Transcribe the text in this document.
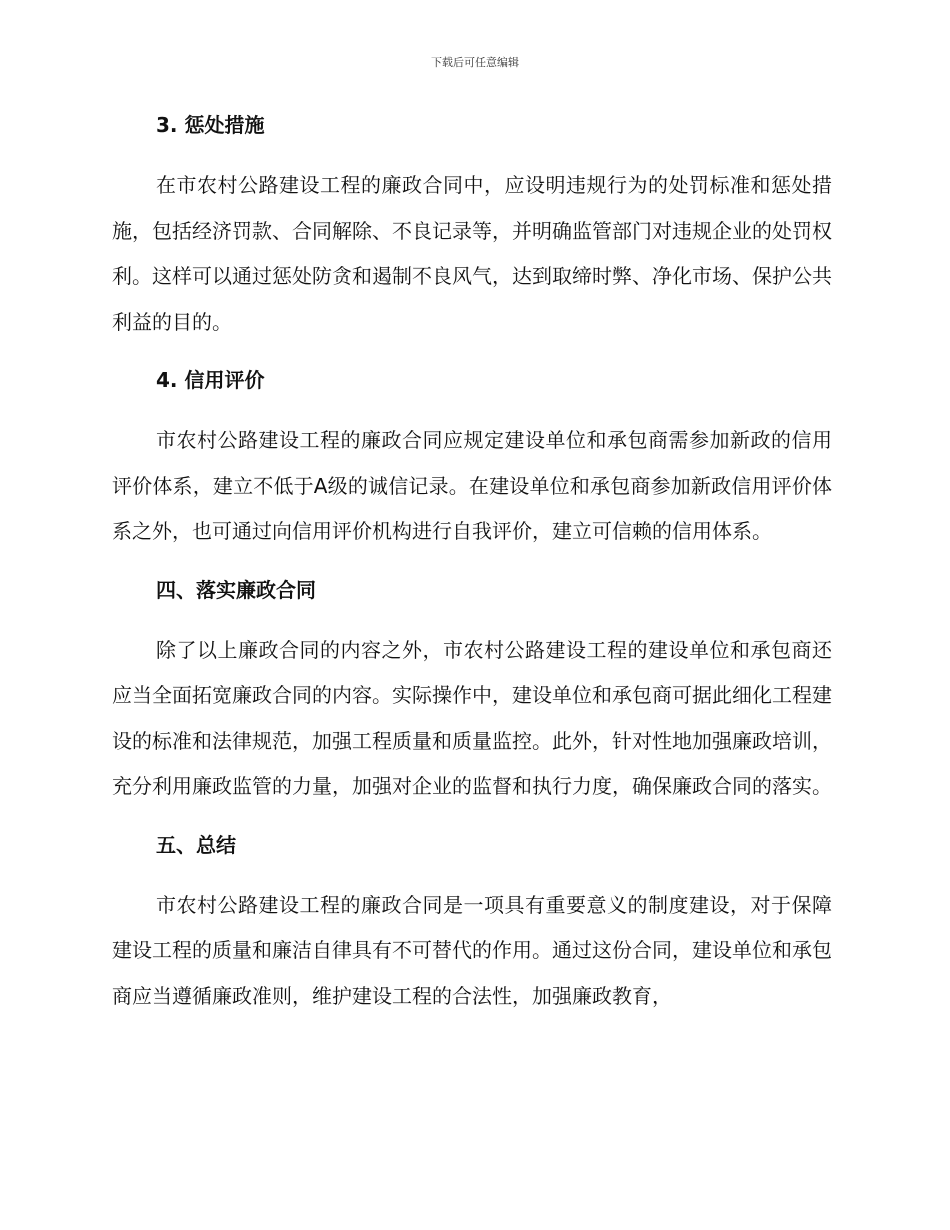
下载后可任意编辑
3. 惩处措施

在市农村公路建设工程的廉政合同中，应设明违规行为的处罚标准和惩处措施，包括经济罚款、合同解除、不良记录等，并明确监管部门对违规企业的处罚权利。这样可以通过惩处防贪和遏制不良风气，达到取缔时弊、净化市场、保护公共利益的目的。

4. 信用评价

市农村公路建设工程的廉政合同应规定建设单位和承包商需参加新政的信用评价体系，建立不低于A级的诚信记录。在建设单位和承包商参加新政信用评价体系之外，也可通过向信用评价机构进行自我评价，建立可信赖的信用体系。

四、落实廉政合同

除了以上廉政合同的内容之外，市农村公路建设工程的建设单位和承包商还应当全面拓宽廉政合同的内容。实际操作中，建设单位和承包商可据此细化工程建设的标准和法律规范，加强工程质量和质量监控。此外，针对性地加强廉政培训，充分利用廉政监管的力量，加强对企业的监督和执行力度，确保廉政合同的落实。

五、总结

市农村公路建设工程的廉政合同是一项具有重要意义的制度建设，对于保障建设工程的质量和廉洁自律具有不可替代的作用。通过这份合同，建设单位和承包商应当遵循廉政准则，维护建设工程的合法性，加强廉政教育，
